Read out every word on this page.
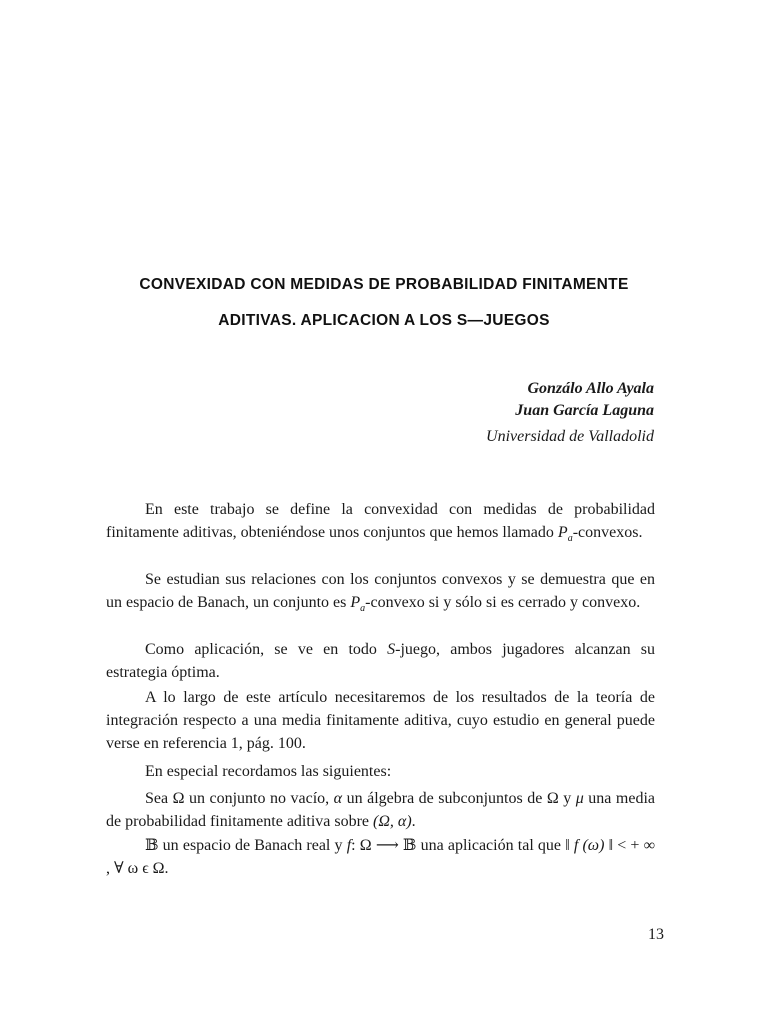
CONVEXIDAD CON MEDIDAS DE PROBABILIDAD FINITAMENTE
ADITIVAS. APLICACION A LOS S—JUEGOS
Gonzálo Allo Ayala
Juan García Laguna
Universidad de Valladolid

En este trabajo se define la convexidad con medidas de probabilidad finitamente aditivas, obteniéndose unos conjuntos que hemos llamado $P_a$-convexos.

Se estudian sus relaciones con los conjuntos convexos y se demuestra que en un espacio de Banach, un conjunto es $P_a$-convexo si y sólo si es cerrado y convexo.

Como aplicación, se ve en todo S-juego, ambos jugadores alcanzan su estrategia óptima.

A lo largo de este artículo necesitaremos de los resultados de la teoría de integración respecto a una media finitamente aditiva, cuyo estudio en general puede verse en referencia 1, pág. 100.

En especial recordamos las siguientes:

Sea Ω un conjunto no vacío, α un álgebra de subconjuntos de Ω y μ una media de probabilidad finitamente aditiva sobre (Ω, α).

𝔹 un espacio de Banach real y f: Ω ⟶ 𝔹 una aplicación tal que ‖ f (ω) ‖ < + ∞ , ∀ ω ϵ Ω.

13
